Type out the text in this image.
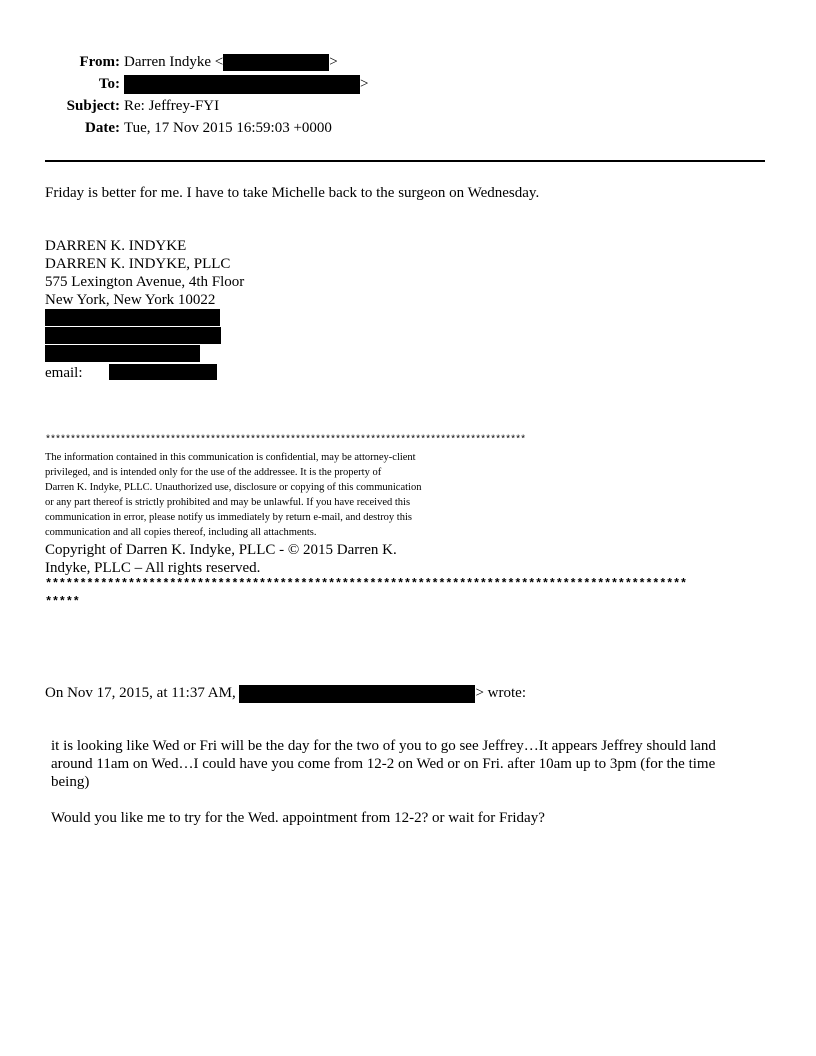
From: Darren Indyke <	>
To:	>
Subject: Re: Jeffrey-FYI
Date: Tue, 17 Nov 2015 16:59:03 +0000
Friday is better for me. I have to take Michelle back to the surgeon on Wednesday.
DARREN K. INDYKE
DARREN K. INDYKE, PLLC
575 Lexington Avenue, 4th Floor
New York, New York 10022
email:
************************************************************************************************
The information contained in this communication is confidential, may be attorney-client
privileged, and is intended only for the use of the addressee. It is the property of
Darren K. Indyke, PLLC. Unauthorized use, disclosure or copying of this communication
or any part thereof is strictly prohibited and may be unlawful. If you have received this
communication in error, please notify us immediately by return e-mail, and destroy this
communication and all copies thereof, including all attachments.
Copyright of Darren K. Indyke, PLLC - © 2015 Darren K.
Indyke, PLLC – All rights reserved.
*********************************************************************************************
*****
On Nov 17, 2015, at 11:37 AM,	> wrote:
it is looking like Wed or Fri will be the day for the two of you to go see Jeffrey…It appears Jeffrey should land
around 11am on Wed…I could have you come from 12-2 on Wed or on Fri. after 10am up to 3pm (for the time
being)
Would you like me to try for the Wed. appointment from 12-2? or wait for Friday?
